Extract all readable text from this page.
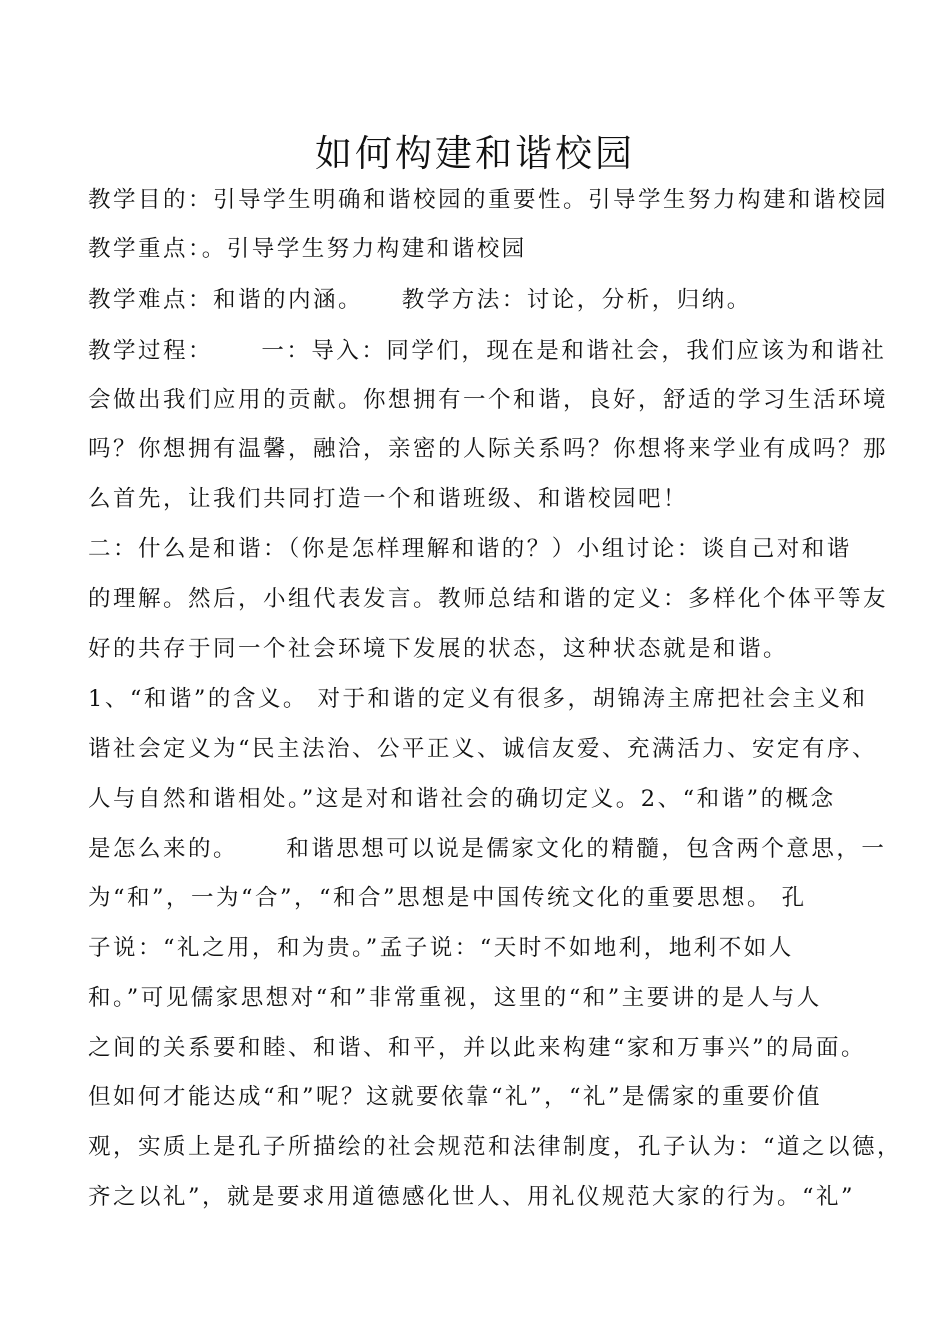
如何构建和谐校园
教学目的：引导学生明确和谐校园的重要性。引导学生努力构建和谐校园
教学重点：。引导学生努力构建和谐校园
教学难点：和谐的内涵。　　教学方法：讨论，分析，归纳。
教学过程：　　 一：导入：同学们，现在是和谐社会，我们应该为和谐社
会做出我们应用的贡献。你想拥有一个和谐，良好，舒适的学习生活环境
吗？你想拥有温馨，融洽，亲密的人际关系吗？你想将来学业有成吗？那
么首先，让我们共同打造一个和谐班级、和谐校园吧！
二：什么是和谐：（你是怎样理解和谐的？）小组讨论：谈自己对和谐
的理解。然后，小组代表发言。教师总结和谐的定义：多样化个体平等友
好的共存于同一个社会环境下发展的状态，这种状态就是和谐。
1、“和谐”的含义。 对于和谐的定义有很多，胡锦涛主席把社会主义和
谐社会定义为“民主法治、公平正义、诚信友爱、充满活力、安定有序、
人与自然和谐相处。”这是对和谐社会的确切定义。2、“和谐”的概念
是怎么来的。　　 和谐思想可以说是儒家文化的精髓，包含两个意思，一
为“和”，一为“合”，“和合”思想是中国传统文化的重要思想。 孔
子说：“礼之用，和为贵。”孟子说：“天时不如地利，地利不如人
和。”可见儒家思想对“和”非常重视，这里的“和”主要讲的是人与人
之间的关系要和睦、和谐、和平，并以此来构建“家和万事兴”的局面。
但如何才能达成“和”呢？这就要依靠“礼”，“礼”是儒家的重要价值
观，实质上是孔子所描绘的社会规范和法律制度，孔子认为：“道之以德，
齐之以礼”，就是要求用道德感化世人、用礼仪规范大家的行为。“礼”
